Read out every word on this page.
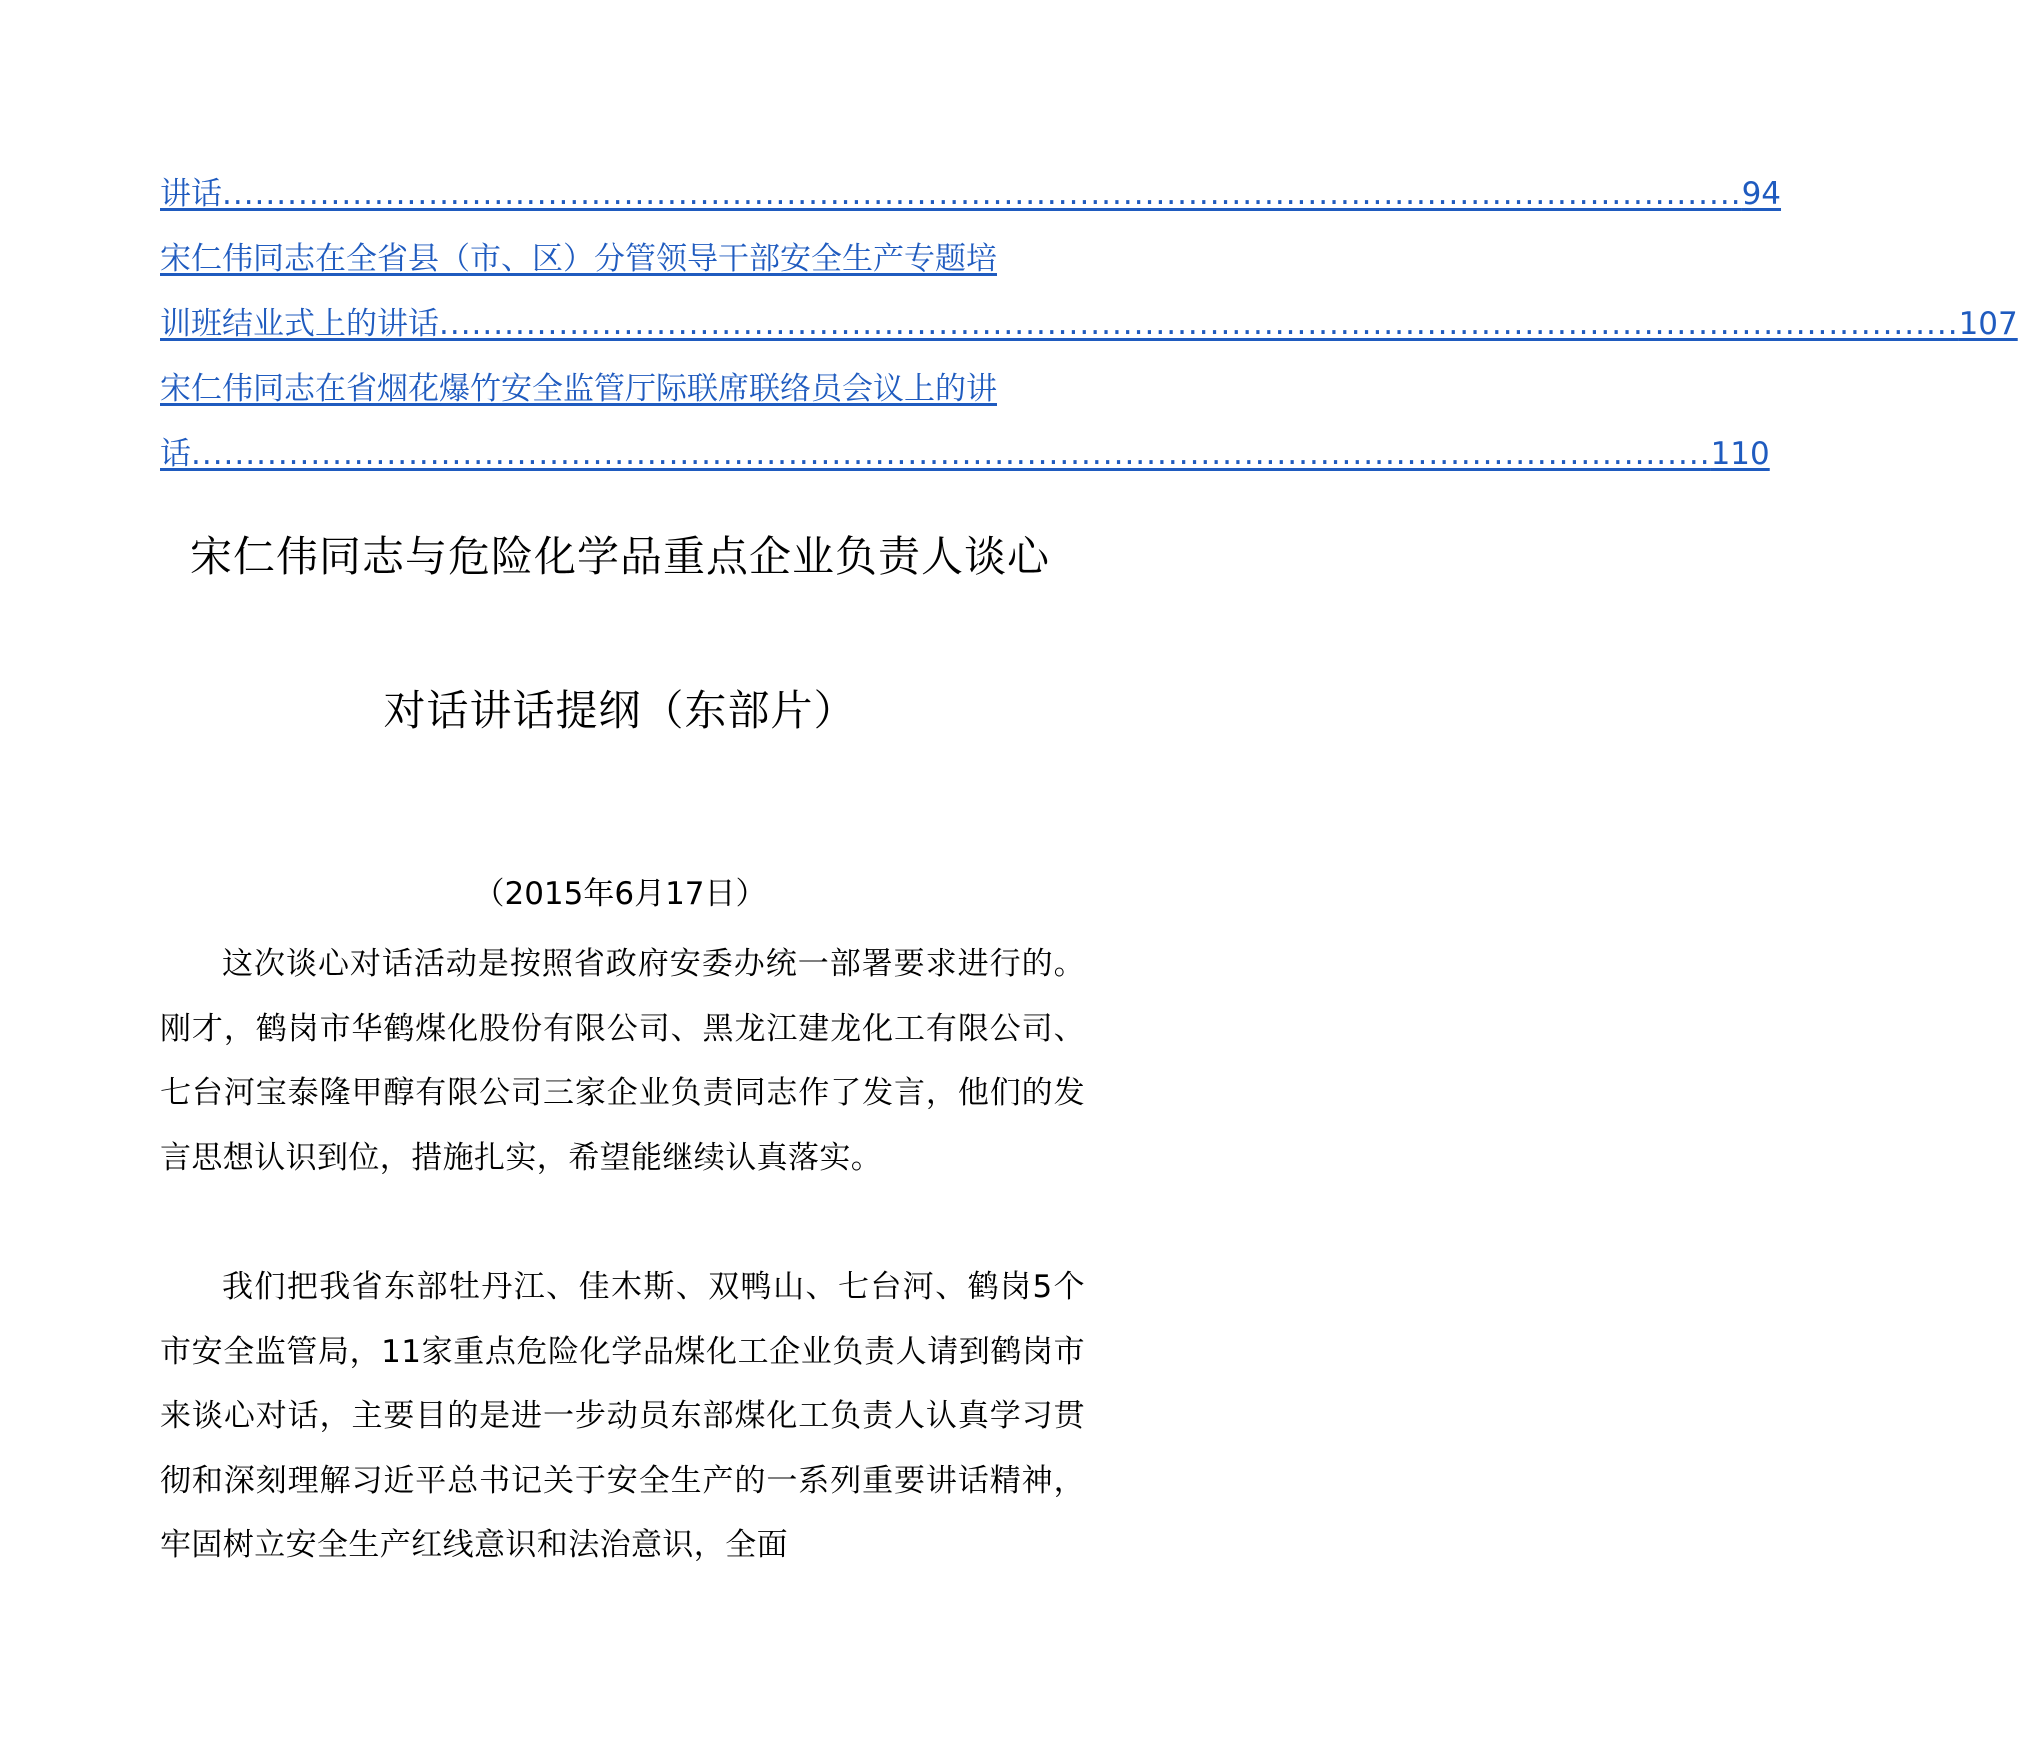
讲话 ............................................................................................................................................ 94
宋仁伟同志在全省县（市、区）分管领导干部安全生产专题培
训班结业式上的讲话 ............................................................................................................................................ 107
宋仁伟同志在省烟花爆竹安全监管厅际联席联络员会议上的讲
话 ............................................................................................................................................ 110
宋仁伟同志与危险化学品重点企业负责人谈心
对话讲话提纲（东部片）
（2015年6月17日）
这次谈心对话活动是按照省政府安委办统一部署要求进行的。刚才，鹤岗市华鹤煤化股份有限公司、黑龙江建龙化工有限公司、七台河宝泰隆甲醇有限公司三家企业负责同志作了发言，他们的发言思想认识到位，措施扎实，希望能继续认真落实。
我们把我省东部牡丹江、佳木斯、双鸭山、七台河、鹤岗5个市安全监管局，11家重点危险化学品煤化工企业负责人请到鹤岗市来谈心对话，主要目的是进一步动员东部煤化工负责人认真学习贯彻和深刻理解习近平总书记关于安全生产的一系列重要讲话精神，牢固树立安全生产红线意识和法治意识，全面
